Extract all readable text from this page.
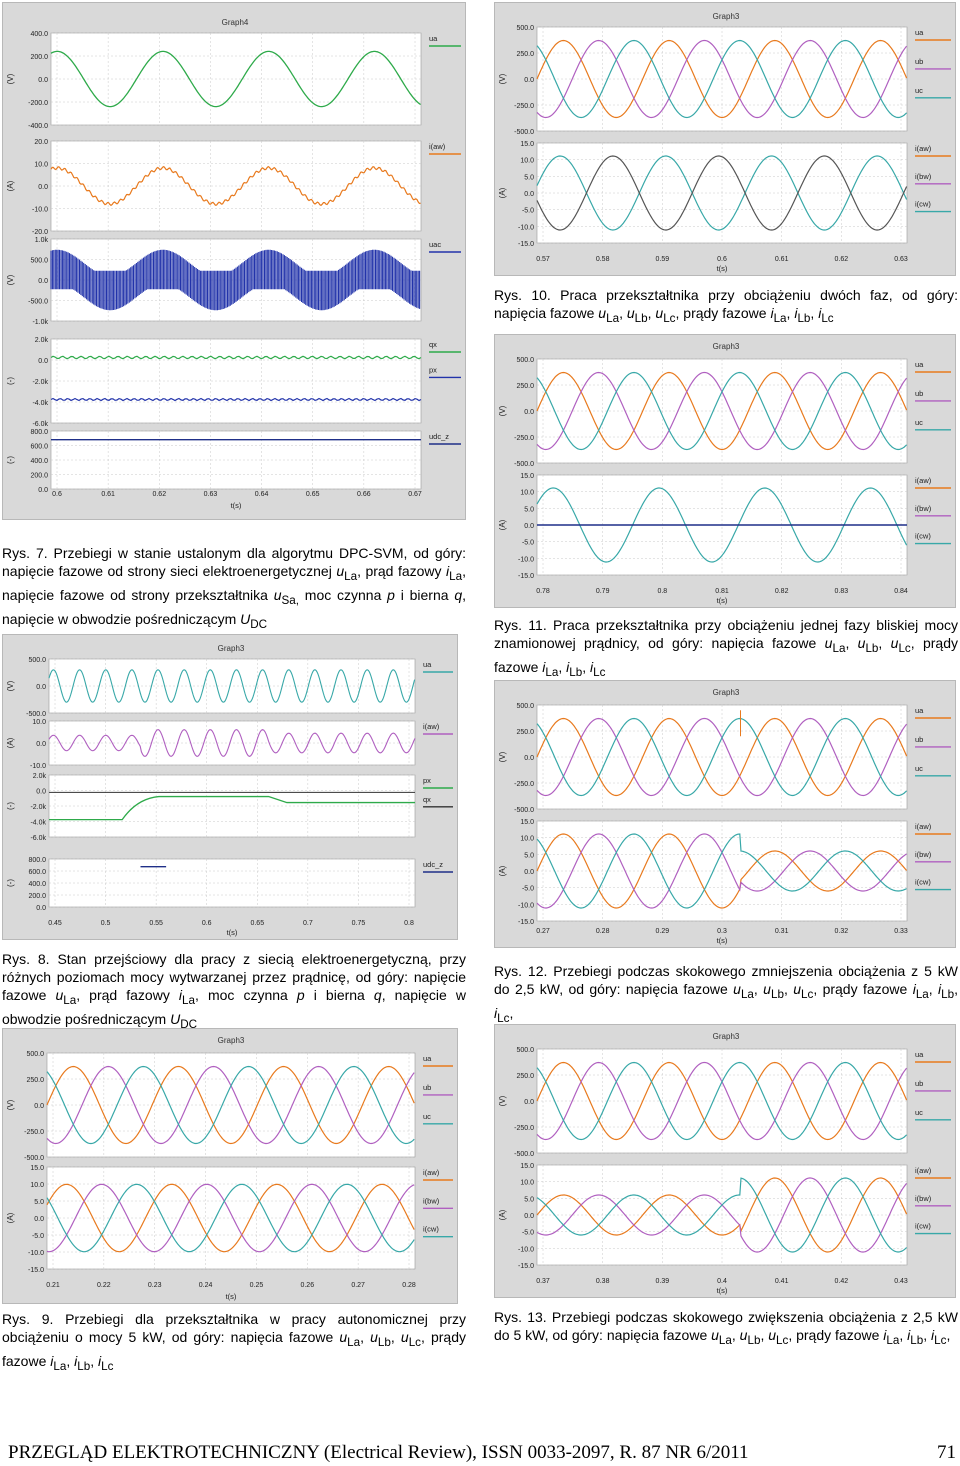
Graph4
400.0
200.0
0.0
-200.0
-400.0
(V)
ua
20.0
10.0
0.0
-10.0
-20.0
(A)
i(aw)
1.0k
500.0
0.0
-500.0
-1.0k
(V)
uac
2.0k
0.0
-2.0k
-4.0k
-6.0k
(-)
qx
px
800.0
600.0
400.0
200.0
0.0
(-)
udc_z
0.6	0.61	0.62	0.63	0.64	0.65	0.66	0.67
t(s)
Graph3
500.0
250.0
0.0
-250.0
-500.0
(V)
ua
ub
uc
15.0
10.0
5.0
0.0
-5.0
-10.0
-15.0
(A)
i(aw)
i(bw)
i(cw)
0.57	0.58	0.59	0.6	0.61	0.62	0.63
t(s)
Graph3
500.0
250.0
0.0
-250.0
-500.0
(V)
ua
ub
uc
15.0
10.0
5.0
0.0
-5.0
-10.0
-15.0
(A)
i(aw)
i(bw)
i(cw)
0.78	0.79	0.8	0.81	0.82	0.83	0.84
t(s)
Graph3
500.0
0.0
-500.0
(V)
ua
10.0
0.0
-10.0
(A)
i(aw)
2.0k
0.0
-2.0k
-4.0k
-6.0k
(-)
px
qx
800.0
600.0
400.0
200.0
0.0
(-)
udc_z
0.45	0.5	0.55	0.6	0.65	0.7	0.75	0.8
t(s)
Graph3
500.0
250.0
0.0
-250.0
-500.0
(V)
ua
ub
uc
15.0
10.0
5.0
0.0
-5.0
-10.0
-15.0
(A)
i(aw)
i(bw)
i(cw)
0.27	0.28	0.29	0.3	0.31	0.32	0.33
t(s)
Graph3
500.0
250.0
0.0
-250.0
-500.0
(V)
ua
ub
uc
15.0
10.0
5.0
0.0
-5.0
-10.0
-15.0
(A)
i(aw)
i(bw)
i(cw)
0.21	0.22	0.23	0.24	0.25	0.26	0.27	0.28
t(s)
Graph3
500.0
250.0
0.0
-250.0
-500.0
(V)
ua
ub
uc
15.0
10.0
5.0
0.0
-5.0
-10.0
-15.0
(A)
i(aw)
i(bw)
i(cw)
0.37	0.38	0.39	0.4	0.41	0.42	0.43
t(s)
Rys. 7. Przebiegi w stanie ustalonym dla algorytmu DPC-SVM, od góry: napięcie fazowe od strony sieci elektroenergetycznej $u_{La}$, prąd fazowy $i_{La}$, napięcie fazowe od strony przekształtnika $u_{Sa,}$ moc czynna p i bierna q, napięcie w obwodzie pośredniczącym $U_{DC}$
Rys. 10. Praca przekształtnika przy obciążeniu dwóch faz, od góry: napięcia fazowe $u_{La}$, $u_{Lb}$, $u_{Lc}$, prądy fazowe $i_{La}$, $i_{Lb}$, $i_{Lc}$
Rys. 11. Praca przekształtnika przy obciążeniu jednej fazy bliskiej mocy znamionowej prądnicy, od góry: napięcia fazowe $u_{La}$, $u_{Lb}$, $u_{Lc}$, prądy fazowe $i_{La}$, $i_{Lb}$, $i_{Lc}$
Rys. 8. Stan przejściowy dla pracy z siecią elektroenergetyczną, przy różnych poziomach mocy wytwarzanej przez prądnicę, od góry: napięcie fazowe $u_{La}$, prąd fazowy $i_{La}$, moc czynna p i bierna q, napięcie w obwodzie pośredniczącym $U_{DC}$
Rys. 12. Przebiegi podczas skokowego zmniejszenia obciążenia z 5 kW do 2,5 kW, od góry: napięcia fazowe $u_{La}$, $u_{Lb}$, $u_{Lc}$, prądy fazowe $i_{La}$, $i_{Lb}$, $i_{Lc}$,
Rys. 9. Przebiegi dla przekształtnika w pracy autonomicznej przy obciążeniu o mocy 5 kW, od góry: napięcia fazowe $u_{La}$, $u_{Lb}$, $u_{Lc}$, prądy fazowe $i_{La}$, $i_{Lb}$, $i_{Lc}$
Rys. 13. Przebiegi podczas skokowego zwiększenia obciążenia z 2,5 kW do 5 kW, od góry: napięcia fazowe $u_{La}$, $u_{Lb}$, $u_{Lc}$, prądy fazowe $i_{La}$, $i_{Lb}$, $i_{Lc}$,
PRZEGLĄD ELEKTROTECHNICZNY (Electrical Review), ISSN 0033-2097, R. 87 NR 6/2011	71
